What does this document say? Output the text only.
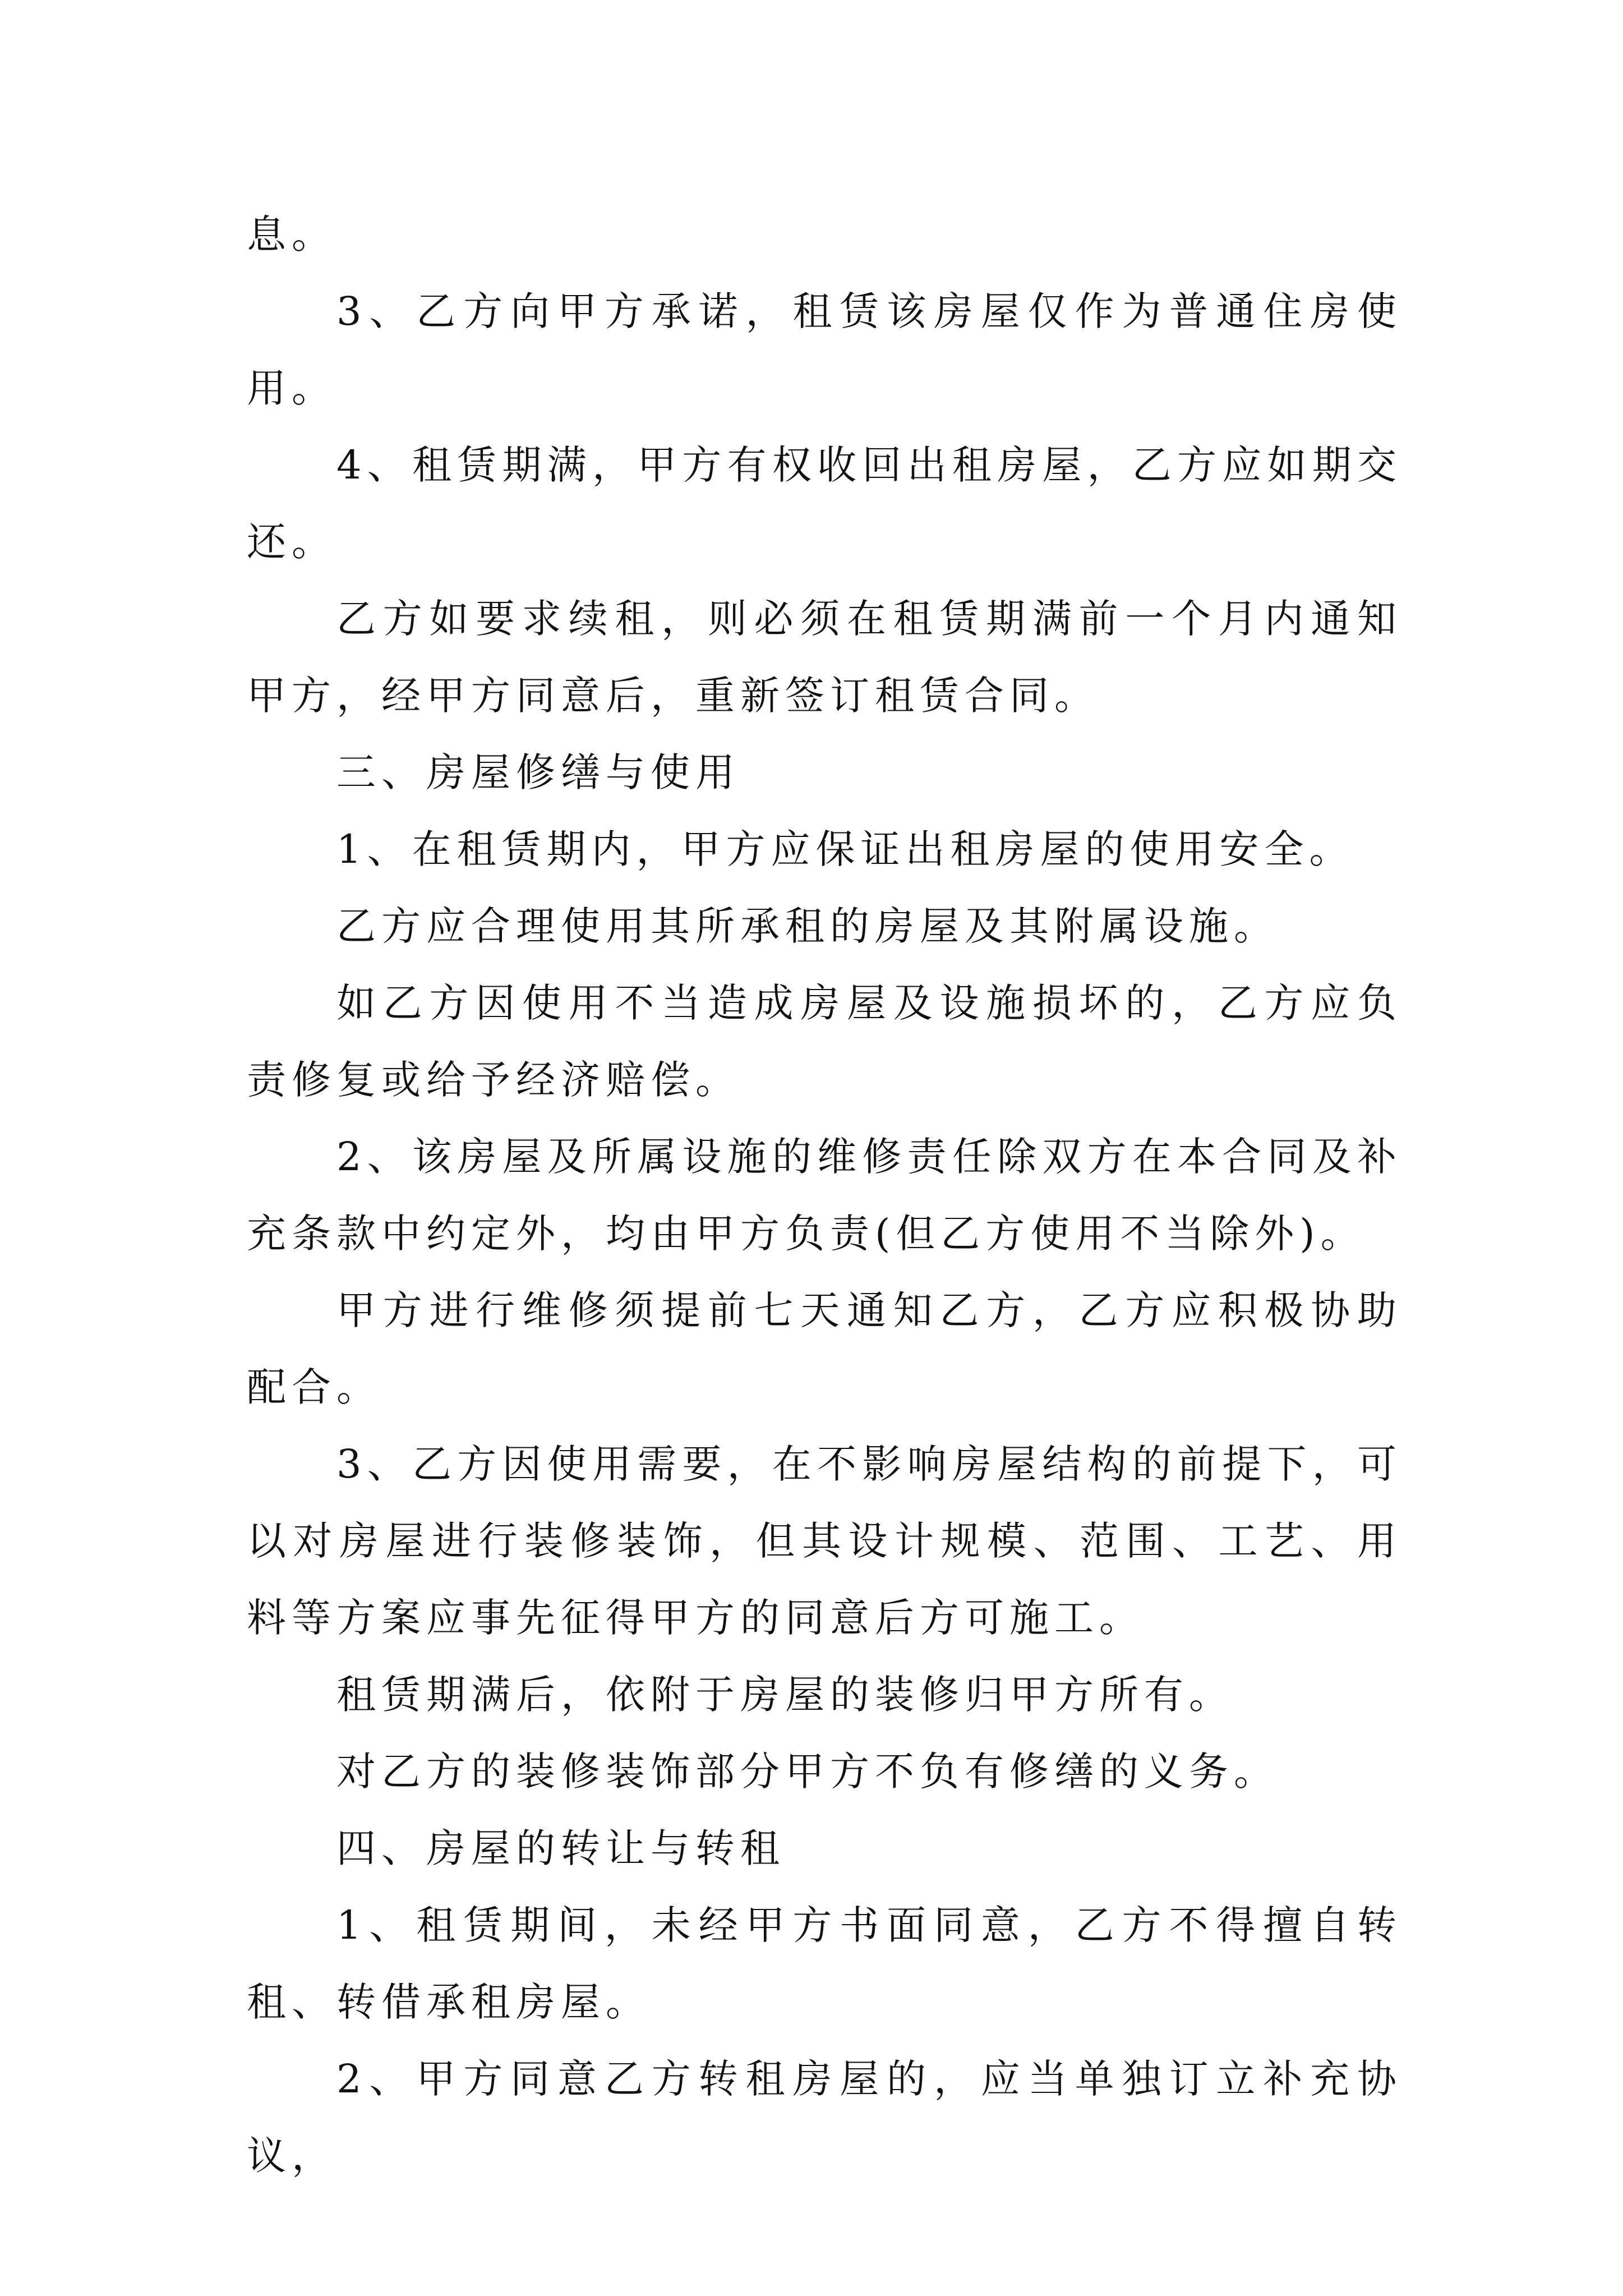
息。

3、乙方向甲方承诺，租赁该房屋仅作为普通住房使用。

4、租赁期满，甲方有权收回出租房屋，乙方应如期交还。

乙方如要求续租，则必须在租赁期满前一个月内通知甲方，经甲方同意后，重新签订租赁合同。

三、房屋修缮与使用

1、在租赁期内，甲方应保证出租房屋的使用安全。

乙方应合理使用其所承租的房屋及其附属设施。

如乙方因使用不当造成房屋及设施损坏的，乙方应负责修复或给予经济赔偿。

2、该房屋及所属设施的维修责任除双方在本合同及补充条款中约定外，均由甲方负责(但乙方使用不当除外)。

甲方进行维修须提前七天通知乙方，乙方应积极协助配合。

3、乙方因使用需要，在不影响房屋结构的前提下，可以对房屋进行装修装饰，但其设计规模、范围、工艺、用料等方案应事先征得甲方的同意后方可施工。

租赁期满后，依附于房屋的装修归甲方所有。

对乙方的装修装饰部分甲方不负有修缮的义务。

四、房屋的转让与转租

1、租赁期间，未经甲方书面同意，乙方不得擅自转租、转借承租房屋。

2、甲方同意乙方转租房屋的，应当单独订立补充协议，
